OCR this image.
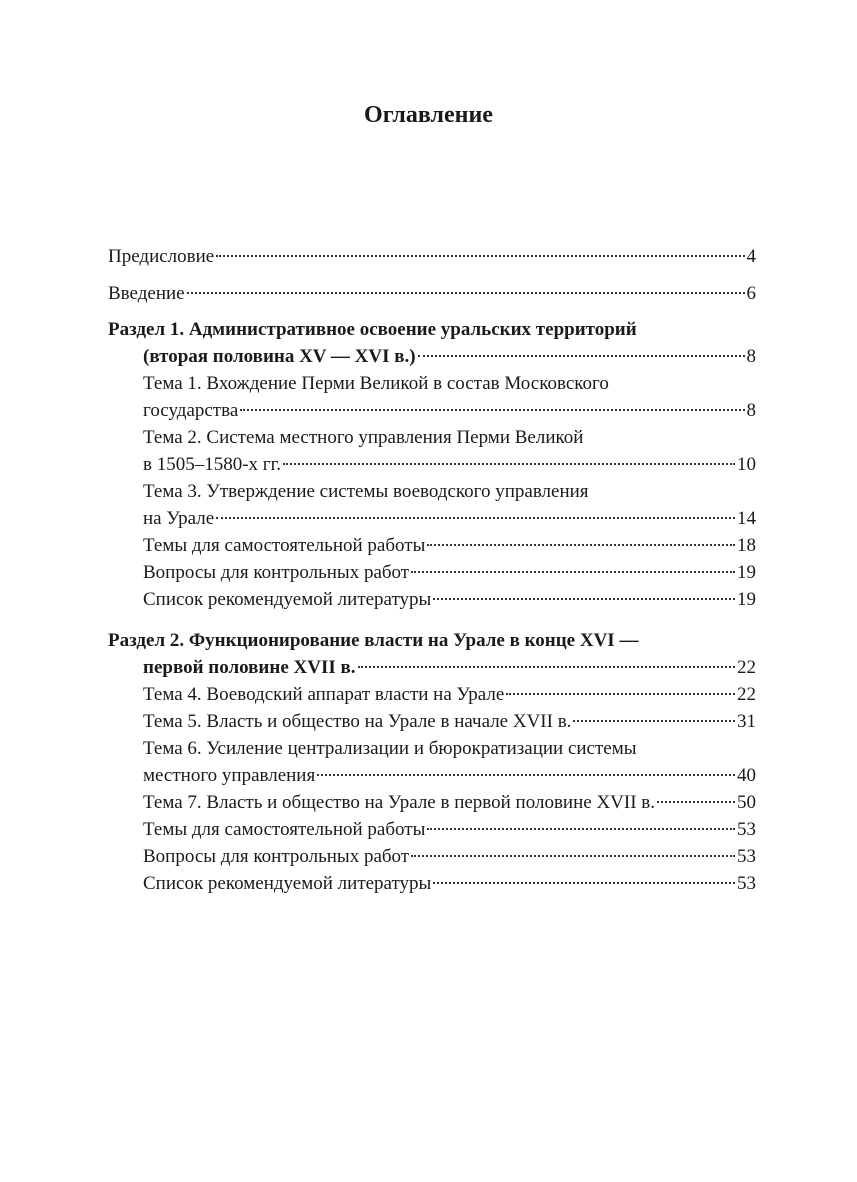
Оглавление
Предисловие	4
Введение	6
Раздел 1. Административное освоение уральских территорий
(вторая половина XV — XVI в.)	8
Тема 1. Вхождение Перми Великой в состав Московского
государства	8
Тема 2. Система местного управления Перми Великой
в 1505–1580-х гг.	10
Тема 3. Утверждение системы воеводского управления
на Урале	14
Темы для самостоятельной работы	18
Вопросы для контрольных работ	19
Список рекомендуемой литературы	19
Раздел 2. Функционирование власти на Урале в конце XVI —
первой половине XVII в.	22
Тема 4. Воеводский аппарат власти на Урале	22
Тема 5. Власть и общество на Урале в начале XVII в.	31
Тема 6. Усиление централизации и бюрократизации системы
местного управления	40
Тема 7. Власть и общество на Урале в первой половине XVII в.	50
Темы для самостоятельной работы	53
Вопросы для контрольных работ	53
Список рекомендуемой литературы	53
